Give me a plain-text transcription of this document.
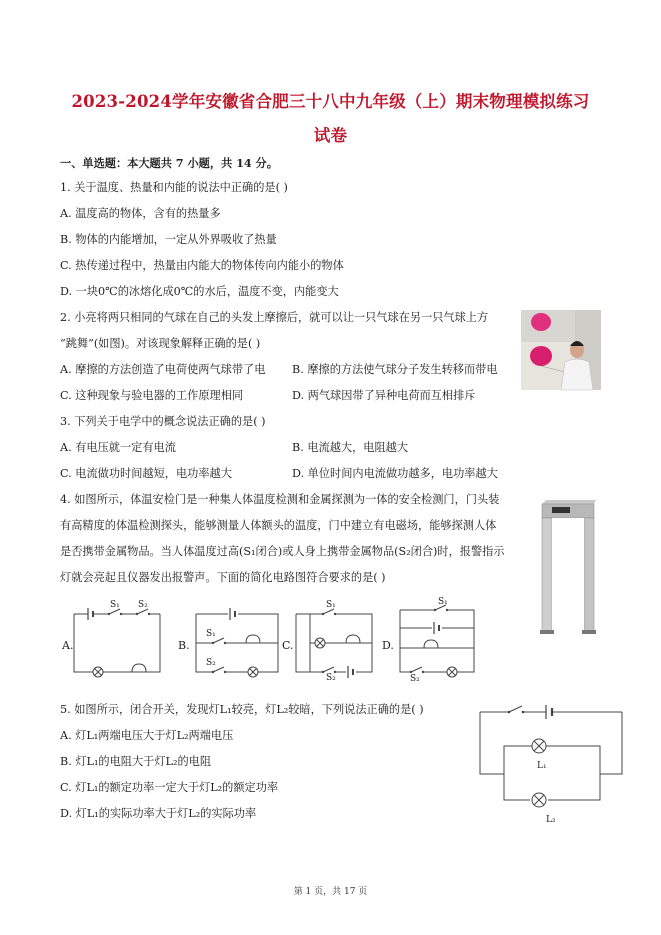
2023-2024学年安徽省合肥三十八中九年级（上）期末物理模拟练习
试卷
一、单选题：本大题共 7 小题，共 14 分。
1. 关于温度、热量和内能的说法中正确的是( )
A. 温度高的物体，含有的热量多
B. 物体的内能增加，一定从外界吸收了热量
C. 热传递过程中，热量由内能大的物体传向内能小的物体
D. 一块0℃的冰熔化成0℃的水后，温度不变，内能变大
2. 小亮将两只相同的气球在自己的头发上摩擦后，就可以让一只气球在另一只气球上方
“跳舞”(如图)。对该现象解释正确的是( )
A. 摩擦的方法创造了电荷使两气球带了电 B. 摩擦的方法使气球分子发生转移而带电
C. 这种现象与验电器的工作原理相同	D. 两气球因带了异种电荷而互相排斥
3. 下列关于电学中的概念说法正确的是( )
A. 有电压就一定有电流	B. 电流越大，电阻越大
C. 电流做功时间越短，电功率越大	D. 单位时间内电流做功越多，电功率越大
4. 如图所示，体温安检门是一种集人体温度检测和金属探测为一体的安全检测门，门头装
有高精度的体温检测探头，能够测量人体额头的温度，门中建立有电磁场，能够探测人体
是否携带金属物品。当人体温度过高(S₁闭合)或人身上携带金属物品(S₂闭合)时，报警指示
灯就会亮起且仪器发出报警声。下面的简化电路图符合要求的是( )
A.
S₁ S₂
B.
S₁
S₂
C.
S₁
S₂
D.
S₁
S₂
5. 如图所示，闭合开关，发现灯L₁较亮，灯L₂较暗，下列说法正确的是( )
A. 灯L₁两端电压大于灯L₂两端电压
B. 灯L₁的电阻大于灯L₂的电阻
C. 灯L₁的额定功率一定大于灯L₂的额定功率
D. 灯L₁的实际功率大于灯L₂的实际功率
L₁
L₂
第 1 页，共 17 页
